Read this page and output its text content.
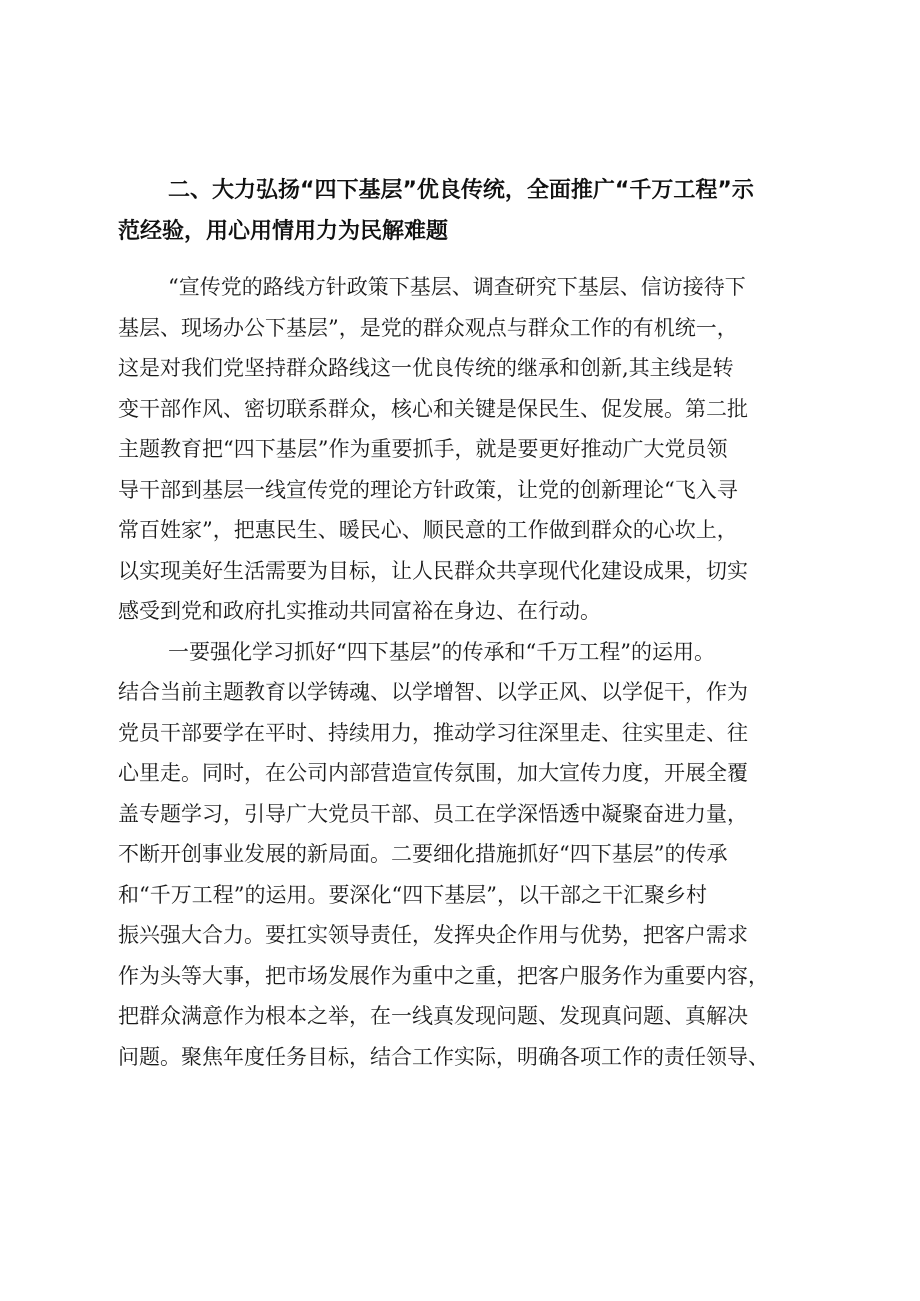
二、大力弘扬“四下基层”优良传统，全面推广“千万工程”示
范经验，用心用情用力为民解难题
“宣传党的路线方针政策下基层、调查研究下基层、信访接待下
基层、现场办公下基层”，是党的群众观点与群众工作的有机统一，
这是对我们党坚持群众路线这一优良传统的继承和创新,其主线是转
变干部作风、密切联系群众，核心和关键是保民生、促发展。第二批
主题教育把“四下基层”作为重要抓手，就是要更好推动广大党员领
导干部到基层一线宣传党的理论方针政策，让党的创新理论“飞入寻
常百姓家”，把惠民生、暖民心、顺民意的工作做到群众的心坎上，
以实现美好生活需要为目标，让人民群众共享现代化建设成果，切实
感受到党和政府扎实推动共同富裕在身边、在行动。
一要强化学习抓好“四下基层”的传承和“千万工程”的运用。
结合当前主题教育以学铸魂、以学增智、以学正风、以学促干，作为
党员干部要学在平时、持续用力，推动学习往深里走、往实里走、往
心里走。同时，在公司内部营造宣传氛围，加大宣传力度，开展全覆
盖专题学习，引导广大党员干部、员工在学深悟透中凝聚奋进力量，
不断开创事业发展的新局面。二要细化措施抓好“四下基层”的传承
和“千万工程”的运用。要深化“四下基层”，以干部之干汇聚乡村
振兴强大合力。要扛实领导责任，发挥央企作用与优势，把客户需求
作为头等大事，把市场发展作为重中之重，把客户服务作为重要内容，
把群众满意作为根本之举，在一线真发现问题、发现真问题、真解决
问题。聚焦年度任务目标，结合工作实际，明确各项工作的责任领导、
